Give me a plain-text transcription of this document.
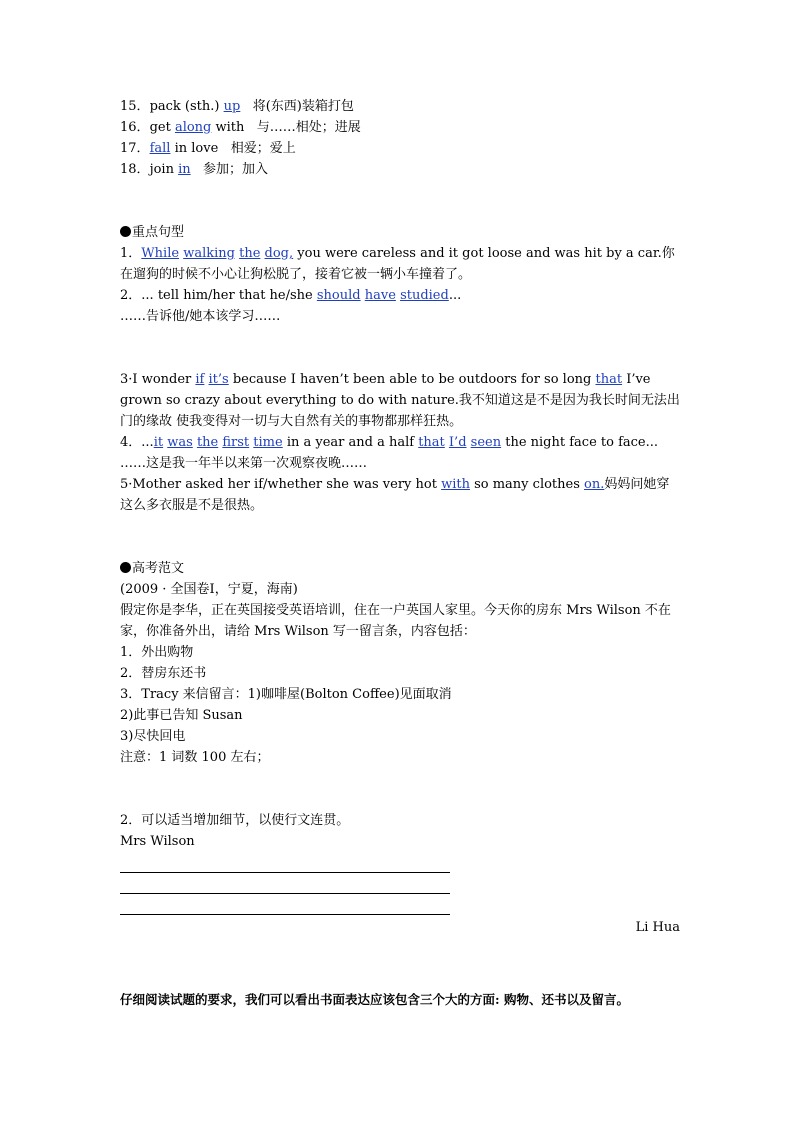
15．pack (sth.) up 将(东西)装箱打包
16．get along with 与……相处；进展
17．fall in love 相爱；爱上
18．join in 参加；加入
重点句型
1．While walking the dog, you were careless and it got loose and was hit by a car.你在遛狗的时候不小心让狗松脱了，接着它被一辆小车撞着了。
2．... tell him/her that he/she should have studied...
……告诉他/她本该学习……
3·I wonder if it’s because I haven’t been able to be outdoors for so long that I’ve grown so crazy about everything to do with nature.我不知道这是不是因为我长时间无法出门的缘故 使我变得对一切与大自然有关的事物都那样狂热。
4．...it was the first time in a year and a half that I’d seen the night face to face...
……这是我一年半以来第一次观察夜晚……
5·Mother asked her if/whether she was very hot with so many clothes on.妈妈问她穿这么多衣服是不是很热。
高考范文
(2009 · 全国卷Ⅰ，宁夏，海南)
假定你是李华，正在英国接受英语培训，住在一户英国人家里。今天你的房东 Mrs Wilson 不在家，你准备外出，请给 Mrs Wilson 写一留言条，内容包括：
1．外出购物
2．替房东还书
3．Tracy 来信留言：1)咖啡屋(Bolton Coffee)见面取消
2)此事已告知 Susan
3)尽快回电
注意：1 词数 100 左右；
2．可以适当增加细节，以使行文连贯。
Mrs Wilson
Li Hua
仔细阅读试题的要求，我们可以看出书面表达应该包含三个大的方面: 购物、还书以及留言。
